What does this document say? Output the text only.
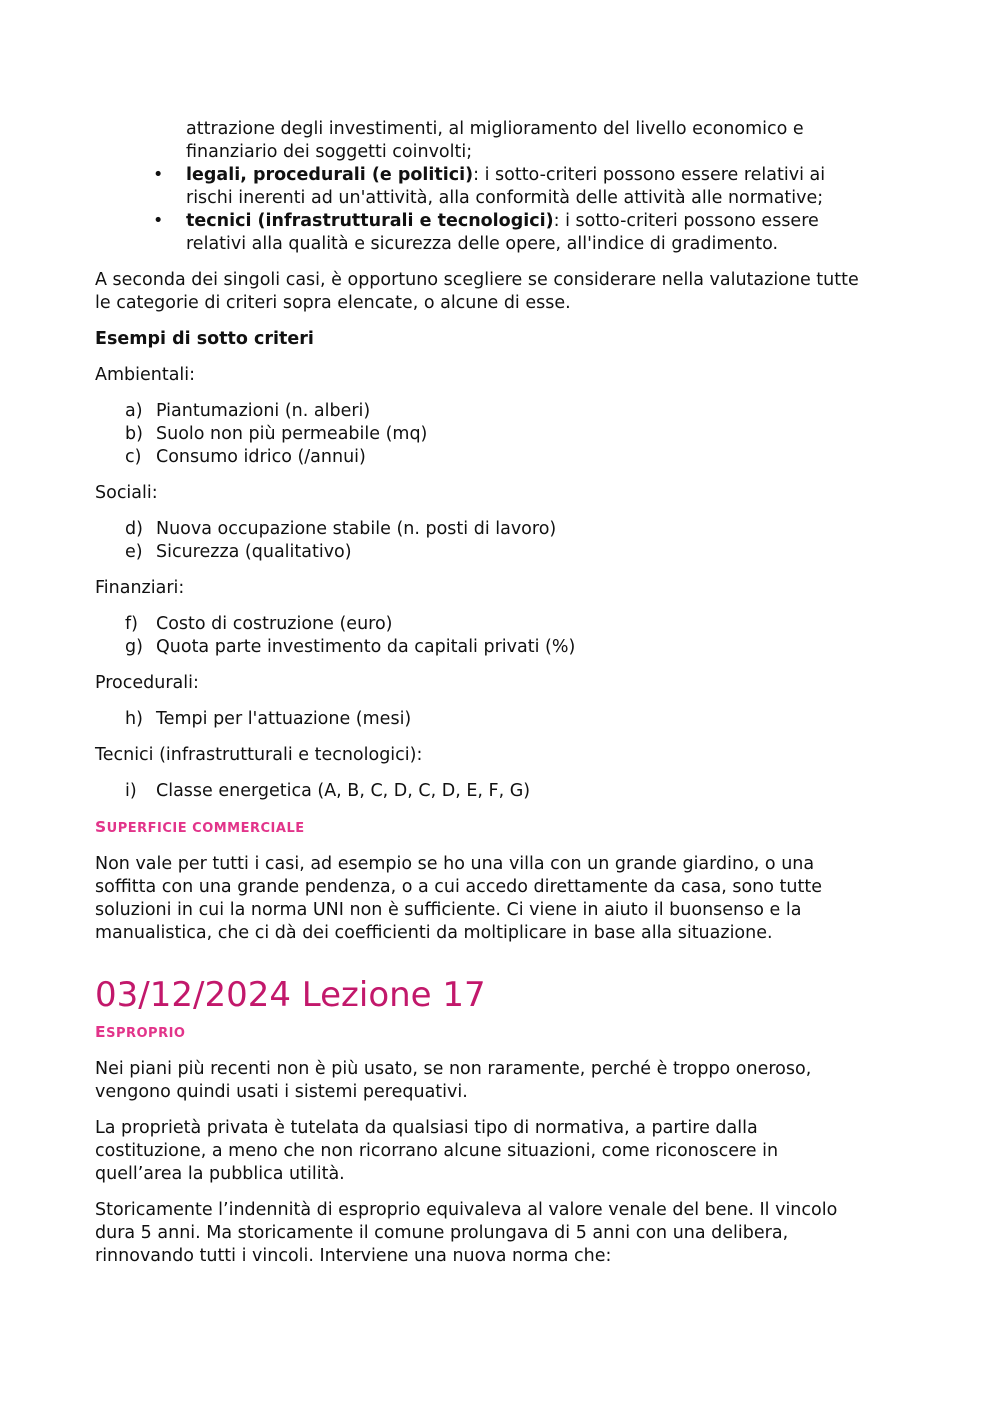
attrazione degli investimenti, al miglioramento del livello economico e
finanziario dei soggetti coinvolti;

• legali, procedurali (e politici): i sotto-criteri possono essere relativi ai
rischi inerenti ad un'attività, alla conformità delle attività alle normative;
• tecnici (infrastrutturali e tecnologici): i sotto-criteri possono essere
relativi alla qualità e sicurezza delle opere, all'indice di gradimento.

A seconda dei singoli casi, è opportuno scegliere se considerare nella valutazione tutte
le categorie di criteri sopra elencate, o alcune di esse.

Esempi di sotto criteri

Ambientali:

a) Piantumazioni (n. alberi)
b) Suolo non più permeabile (mq)
c) Consumo idrico (/annui)

Sociali:

d) Nuova occupazione stabile (n. posti di lavoro)
e) Sicurezza (qualitativo)

Finanziari:

f)	Costo di costruzione (euro)
g) Quota parte investimento da capitali privati (%)

Procedurali:

h) Tempi per l'attuazione (mesi)

Tecnici (infrastrutturali e tecnologici):

i)	Classe energetica (A, B, C, D, C, D, E, F, G)

SUPERFICIE COMMERCIALE

Non vale per tutti i casi, ad esempio se ho una villa con un grande giardino, o una
soffitta con una grande pendenza, o a cui accedo direttamente da casa, sono tutte
soluzioni in cui la norma UNI non è sufficiente. Ci viene in aiuto il buonsenso e la
manualistica, che ci dà dei coefficienti da moltiplicare in base alla situazione.

03/12/2024 Lezione 17

ESPROPRIO

Nei piani più recenti non è più usato, se non raramente, perché è troppo oneroso,
vengono quindi usati i sistemi perequativi.

La proprietà privata è tutelata da qualsiasi tipo di normativa, a partire dalla
costituzione, a meno che non ricorrano alcune situazioni, come riconoscere in
quell’area la pubblica utilità.

Storicamente l’indennità di esproprio equivaleva al valore venale del bene. Il vincolo
dura 5 anni. Ma storicamente il comune prolungava di 5 anni con una delibera,
rinnovando tutti i vincoli. Interviene una nuova norma che:
